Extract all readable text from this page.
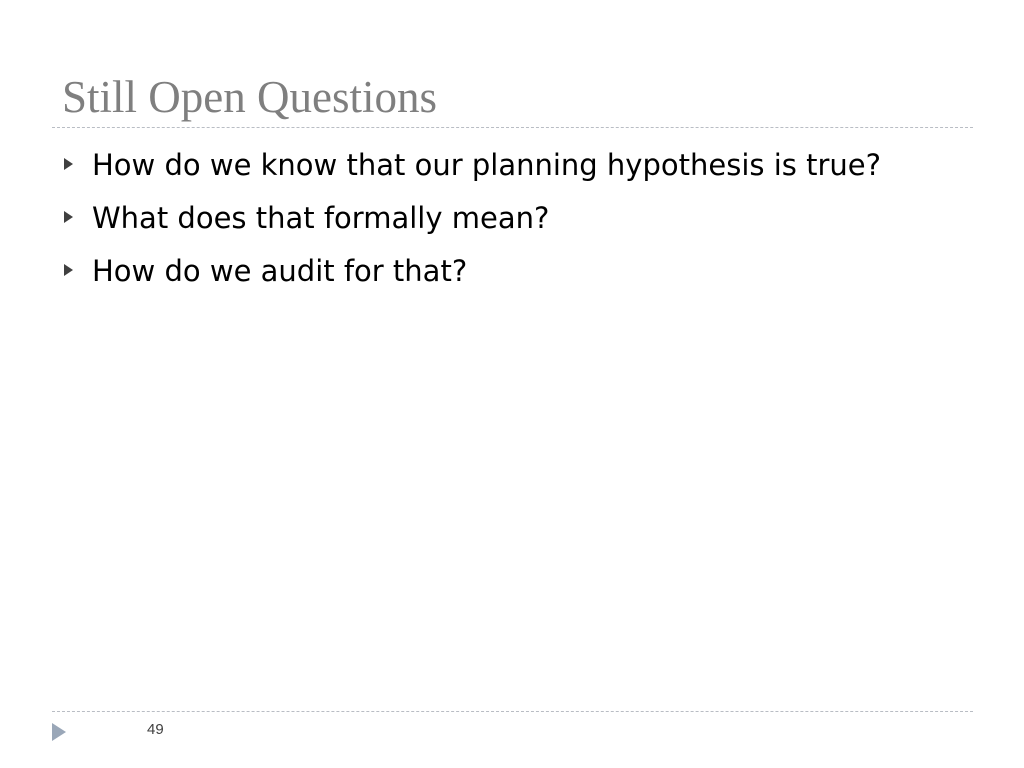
Still Open Questions
How do we know that our planning hypothesis is true?
What does that formally mean?
How do we audit for that?
49
